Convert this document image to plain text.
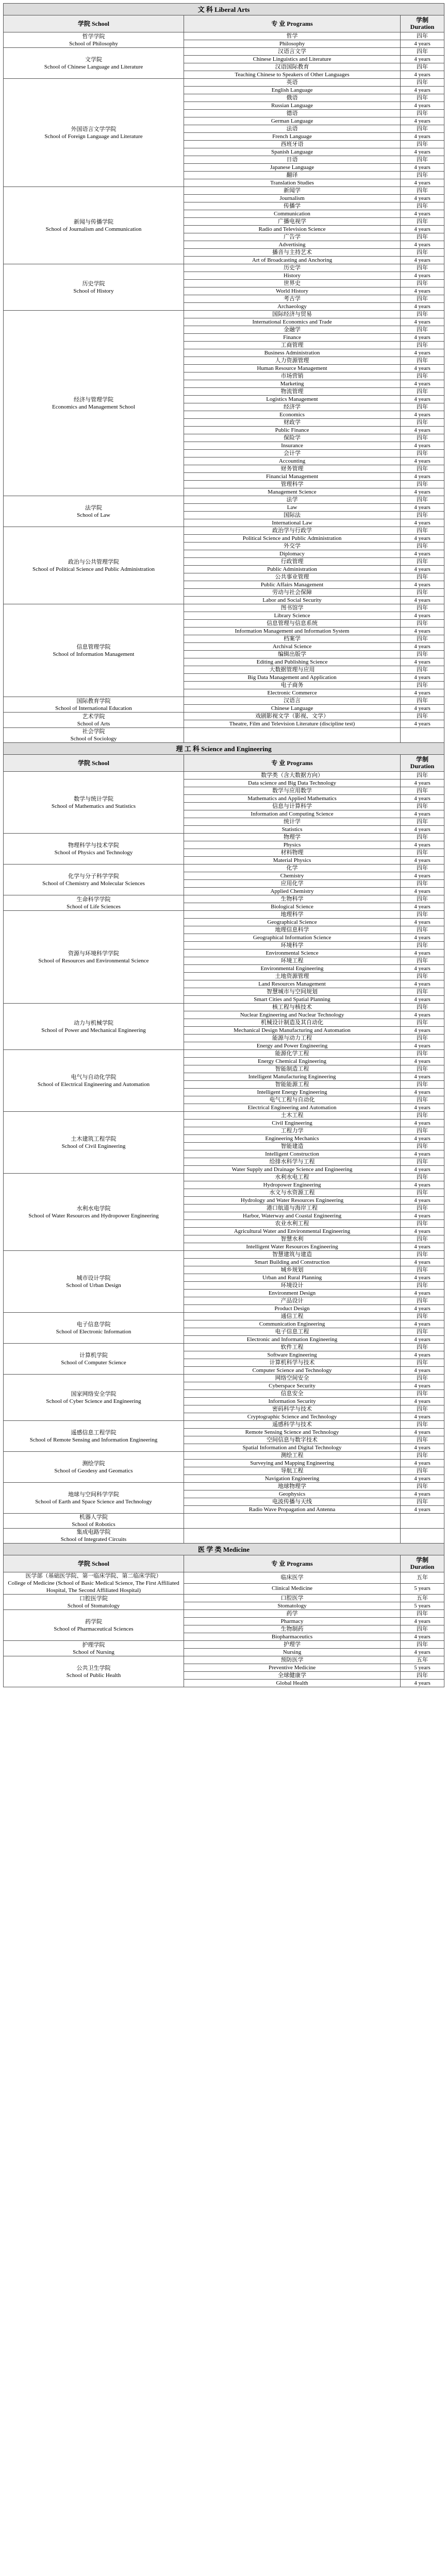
文 科 Liberal Arts		
学院 School	专 业 Programs	学制
Duration

哲学学院
School of Philosophy	哲学	四年
	Philosophy	4 years

文学院
School of Chinese Language and Literature	汉语言文学	四年
	Chinese Linguistics and Literature	4 years
	汉语国际教育	四年
	Teaching Chinese to Speakers of Other Languages	4 years

外国语言文学学院
School of Foreign Language and Literature	英语	四年
	English Language	4 years
	俄语	四年
	Russian Language	4 years
	德语	四年
	German Language	4 years
	法语	四年
	French Language	4 years
	西班牙语	四年
	Spanish Language	4 years
	日语	四年
	Japanese Language	4 years
	翻译	四年
	Translation Studies	4 years

新闻与传播学院
School of Journalism and Communication	新闻学	四年
	Journalism	4 years
	传播学	四年
	Communication	4 years
	广播电视学	四年
	Radio and Television Science	4 years
	广告学	四年
	Advertising	4 years
	播音与主持艺术	四年
	Art of Broadcasting and Anchoring	4 years

历史学院
School of History	历史学	四年
	History	4 years
	世界史	四年
	World History	4 years
	考古学	四年
	Archaeology	4 years

经济与管理学院
Economics and Management School	国际经济与贸易	四年
	International Economics and Trade	4 years
	金融学	四年
	Finance	4 years
	工商管理	四年
	Business Administration	4 years
	人力资源管理	四年
	Human Resource Management	4 years
	市场营销	四年
	Marketing	4 years
	物流管理	四年
	Logistics Management	4 years
	经济学	四年
	Economics	4 years
	财政学	四年
	Public Finance	4 years
	保险学	四年
	Insurance	4 years
	会计学	四年
	Accounting	4 years
	财务管理	四年
	Financial Management	4 years
	管理科学	四年
	Management Science	4 years

法学院
School of Law	法学	四年
	Law	4 years
	国际法	四年
	International Law	4 years

政治与公共管理学院
School of Political Science and Public Administration	政治学与行政学	四年
	Political Science and Public Administration	4 years
	外交学	四年
	Diplomacy	4 years
	行政管理	四年
	Public Administration	4 years
	公共事业管理	四年
	Public Affairs Management	4 years
	劳动与社会保障	四年
	Labor and Social Security	4 years

信息管理学院
School of Information Management	图书馆学	四年
	Library Science	4 years
	信息管理与信息系统	四年
	Information Management and Information System	4 years
	档案学	四年
	Archival Science	4 years
	编辑出版学	四年
	Editing and Publishing Science	4 years
	大数据管理与应用	四年
	Big Data Management and Application	4 years
	电子商务	四年
	Electronic Commerce	4 years

国际教育学院
School of International Education	汉语言	四年
	Chinese Language	4 years

艺术学院
School of Arts	戏剧影视文学（影视、文学）	四年
	Theatre, Film and Television Literature (discipline test)	4 years

社会学院
School of Sociology		

理 工 科 Science and Engineering		
学院 School	专 业 Programs	学制
Duration

数学与统计学院
School of Mathematics and Statistics	数学类（含大数据方向）	四年
	Data science and Big Data Technology	4 years
	数学与应用数学	四年
	Mathematics and Applied Mathematics	4 years
	信息与计算科学	四年
	Information and Computing Science	4 years
	统计学	四年
	Statistics	4 years

物理科学与技术学院
School of Physics and Technology	物理学	四年
	Physics	4 years
	材料物理	四年
	Material Physics	4 years

化学与分子科学学院
School of Chemistry and Molecular Sciences	化学	四年
	Chemistry	4 years
	应用化学	四年
	Applied Chemistry	4 years

生命科学学院
School of Life Sciences	生物科学	四年
	Biological Science	4 years

资源与环境科学学院
School of Resources and Environmental Science	地理科学	四年
	Geographical Science	4 years
	地理信息科学	四年
	Geographical Information Science	4 years
	环境科学	四年
	Environmental Science	4 years
	环境工程	四年
	Environmental Engineering	4 years
	土地资源管理	四年
	Land Resources Management	4 years
	智慧城市与空间规划	四年
	Smart Cities and Spatial Planning	4 years

动力与机械学院
School of Power and Mechanical Engineering	核工程与核技术	四年
	Nuclear Engineering and Nuclear Technology	4 years
	机械设计制造及其自动化	四年
	Mechanical Design Manufacturing and Automation	4 years
	能源与动力工程	四年
	Energy and Power Engineering	4 years

电气与自动化学院
School of Electrical Engineering and Automation	能源化学工程	四年
	Energy Chemical Engineering	4 years
	智能制造工程	四年
	Intelligent Manufacturing Engineering	4 years
	智能能源工程	四年
	Intelligent Energy Engineering	4 years
	电气工程与自动化	四年
	Electrical Engineering and Automation	4 years

土木建筑工程学院
School of Civil Engineering	土木工程	四年
	Civil Engineering	4 years
	工程力学	四年
	Engineering Mechanics	4 years
	智能建造	四年
	Intelligent Construction	4 years
	给排水科学与工程	四年
	Water Supply and Drainage Science and Engineering	4 years

水利水电学院
School of Water Resources and Hydropower Engineering	水利水电工程	四年
	Hydropower Engineering	4 years
	水文与水资源工程	四年
	Hydrology and Water Resources Engineering	4 years
	港口航道与海岸工程	四年
	Harbor, Waterway and Coastal Engineering	4 years
	农业水利工程	四年
	Agricultural Water and Environmental Engineering	4 years
	智慧水利	四年
	Intelligent Water Resources Engineering	4 years

城市设计学院
School of Urban Design	智慧建筑与建造	四年
	Smart Building and Construction	4 years
	城乡规划	四年
	Urban and Rural Planning	4 years
	环境设计	四年
	Environment Design	4 years
	产品设计	四年
	Product Design	4 years

电子信息学院
School of Electronic Information	通信工程	四年
	Communication Engineering	4 years
	电子信息工程	四年
	Electronic and Information Engineering	4 years

计算机学院
School of Computer Science	软件工程	四年
	Software Engineering	4 years
	计算机科学与技术	四年
	Computer Science and Technology	4 years

国家网络安全学院
School of Cyber Science and Engineering	网络空间安全	四年
	Cyberspace Security	4 years
	信息安全	四年
	Information Security	4 years
	密码科学与技术	四年
	Cryptographic Science and Technology	4 years

遥感信息工程学院
School of Remote Sensing and Information Engineering	遥感科学与技术	四年
	Remote Sensing Science and Technology	4 years
	空间信息与数字技术	四年
	Spatial Information and Digital Technology	4 years

测绘学院
School of Geodesy and Geomatics	测绘工程	四年
	Surveying and Mapping Engineering	4 years
	导航工程	四年
	Navigation Engineering	4 years

地球与空间科学学院
School of Earth and Space Science and Technology	地球物理学	四年
	Geophysics	4 years
	电波传播与天线	四年
	Radio Wave Propagation and Antenna	4 years

机器人学院
School of Robotics		

集成电路学院
School of Integrated Circuits		

医 学 类 Medicine		
学院 School	专 业 Programs	学制
Duration

医学部（基础医学院、第一临床学院、第二临床学院）
College of Medicine (School of Basic Medical Science, The First Affiliated Hospital, The Second Affiliated Hospital)	临床医学	五年
	Clinical Medicine	5 years

口腔医学院
School of Stomatology	口腔医学	五年
	Stomatology	5 years

药学院
School of Pharmaceutical Sciences	药学	四年
	Pharmacy	4 years
	生物制药	四年
	Biopharmaceutics	4 years

护理学院
School of Nursing	护理学	四年
	Nursing	4 years

公共卫生学院
School of Public Health	预防医学	五年
	Preventive Medicine	5 years
	全球健康学	四年
	Global Health	4 years
